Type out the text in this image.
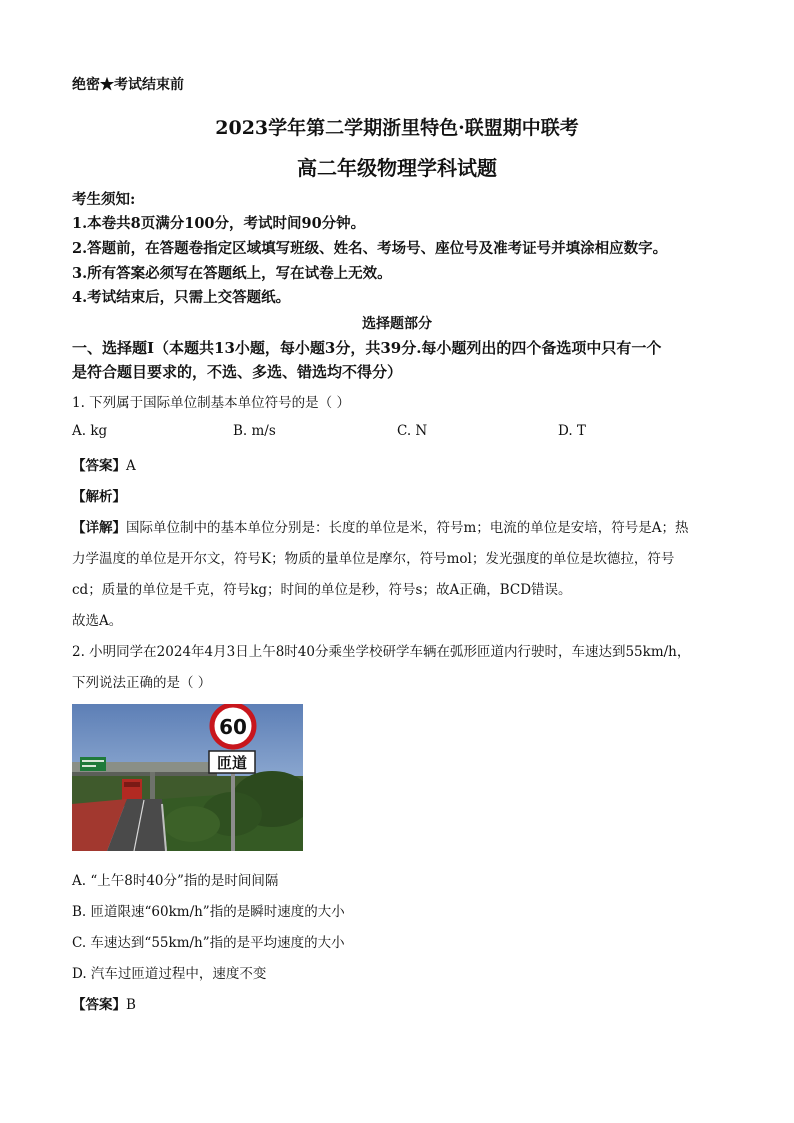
绝密★考试结束前
2023学年第二学期浙里特色·联盟期中联考
高二年级物理学科试题
考生须知:
1.本卷共8页满分100分，考试时间90分钟。
2.答题前，在答题卷指定区域填写班级、姓名、考场号、座位号及准考证号并填涂相应数字。
3.所有答案必须写在答题纸上，写在试卷上无效。
4.考试结束后，只需上交答题纸。
选择题部分
一、选择题Ⅰ（本题共13小题，每小题3分，共39分.每小题列出的四个备选项中只有一个
是符合题目要求的，不选、多选、错选均不得分）
1. 下列属于国际单位制基本单位符号的是（ ）
A. kg	B. m/s	C. N	D. T
【答案】A
【解析】
【详解】国际单位制中的基本单位分别是：长度的单位是米，符号m；电流的单位是安培，符号是A；热
力学温度的单位是开尔文，符号K；物质的量单位是摩尔，符号mol；发光强度的单位是坎德拉，符号
cd；质量的单位是千克，符号kg；时间的单位是秒，符号s；故A正确，BCD错误。
故选A。
2. 小明同学在2024年4月3日上午8时40分乘坐学校研学车辆在弧形匝道内行驶时，车速达到55km/h，
下列说法正确的是（ ）
60
匝道
A. “上午8时40分”指的是时间间隔
B. 匝道限速“60km/h”指的是瞬时速度的大小
C. 车速达到“55km/h”指的是平均速度的大小
D. 汽车过匝道过程中，速度不变
【答案】B
